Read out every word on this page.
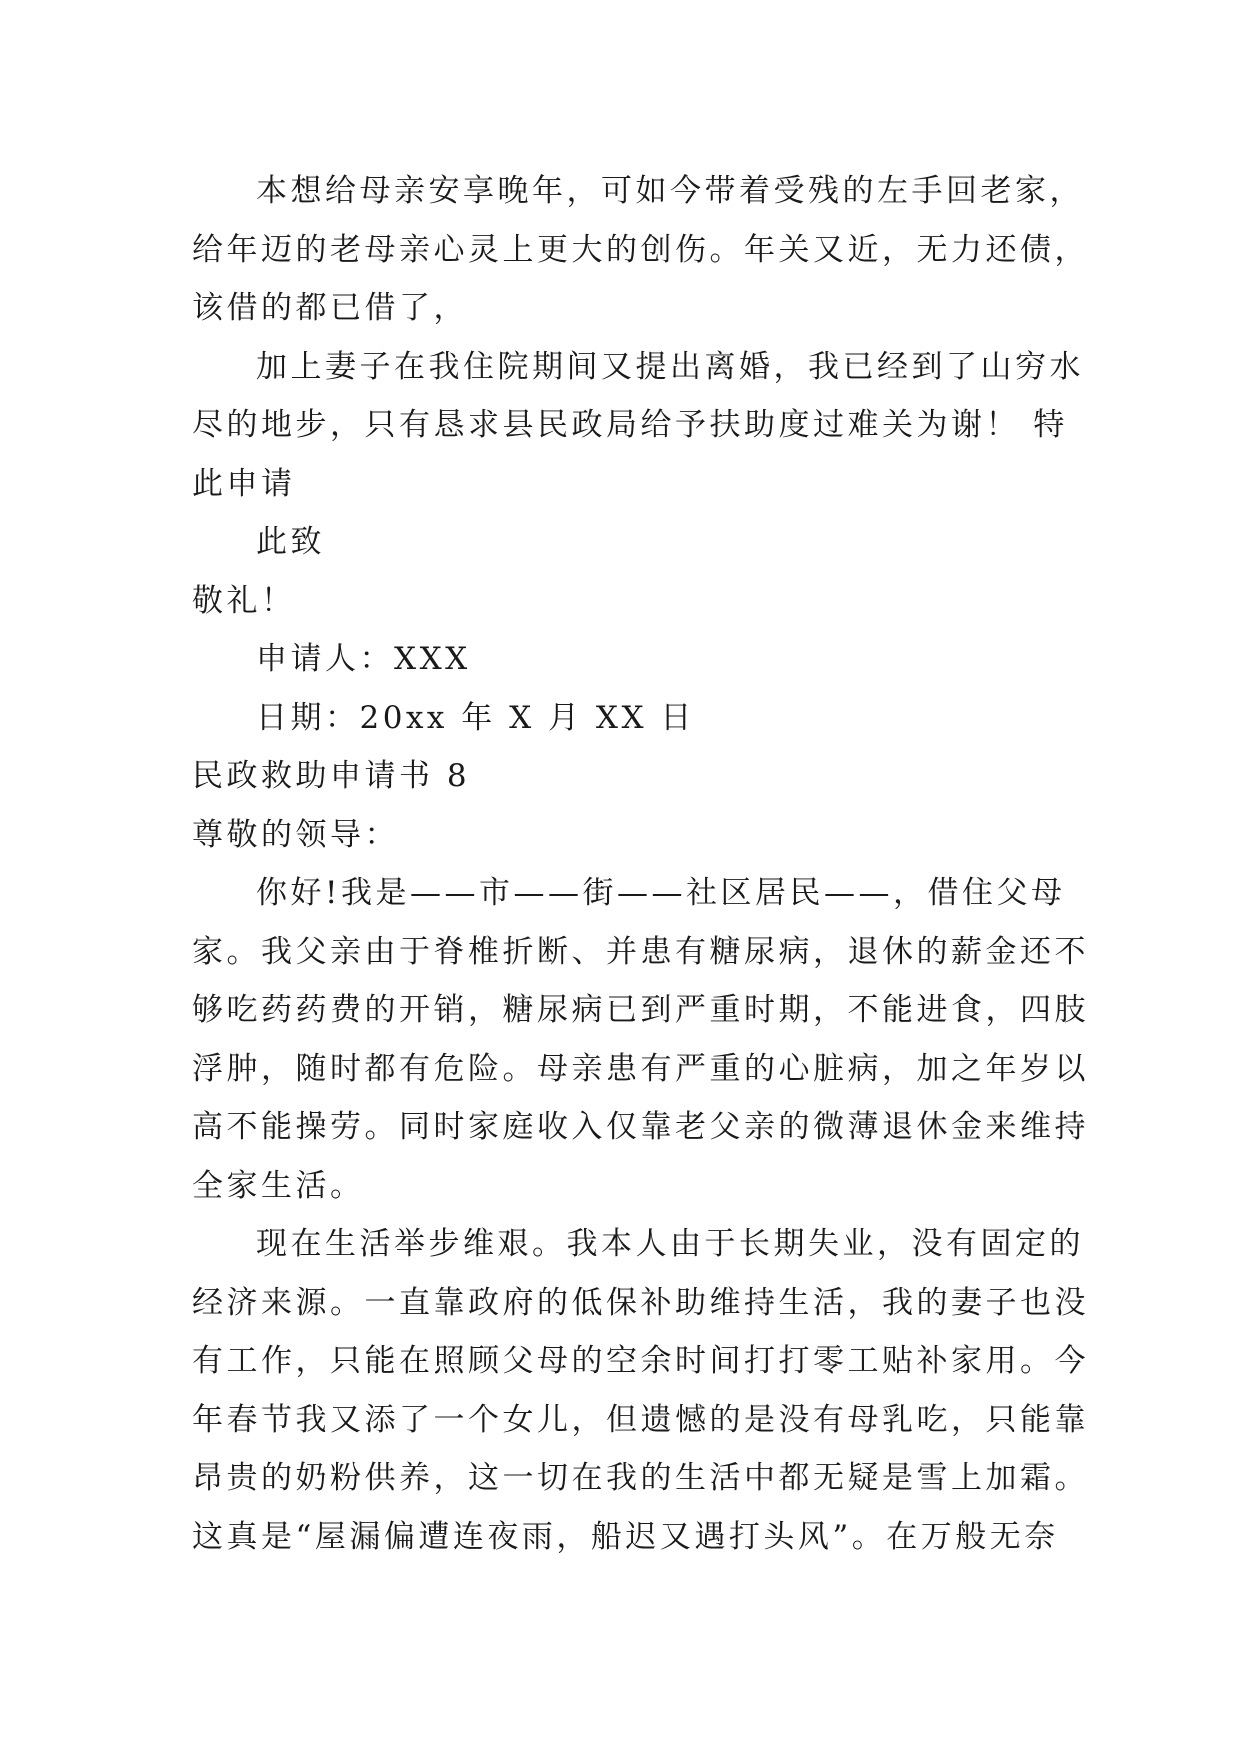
本想给母亲安享晚年，可如今带着受残的左手回老家，
给年迈的老母亲心灵上更大的创伤。年关又近，无力还债，
该借的都已借了，
加上妻子在我住院期间又提出离婚，我已经到了山穷水
尽的地步，只有恳求县民政局给予扶助度过难关为谢！ 特
此申请
此致
敬礼！
申请人：XXX
日期：20xx 年 X 月 XX 日
民政救助申请书 8
尊敬的领导：
你好!我是——市——街——社区居民——，借住父母
家。我父亲由于脊椎折断、并患有糖尿病，退休的薪金还不
够吃药药费的开销，糖尿病已到严重时期，不能进食，四肢
浮肿，随时都有危险。母亲患有严重的心脏病，加之年岁以
高不能操劳。同时家庭收入仅靠老父亲的微薄退休金来维持
全家生活。
现在生活举步维艰。我本人由于长期失业，没有固定的
经济来源。一直靠政府的低保补助维持生活，我的妻子也没
有工作，只能在照顾父母的空余时间打打零工贴补家用。今
年春节我又添了一个女儿，但遗憾的是没有母乳吃，只能靠
昂贵的奶粉供养，这一切在我的生活中都无疑是雪上加霜。
这真是“屋漏偏遭连夜雨，船迟又遇打头风”。在万般无奈
